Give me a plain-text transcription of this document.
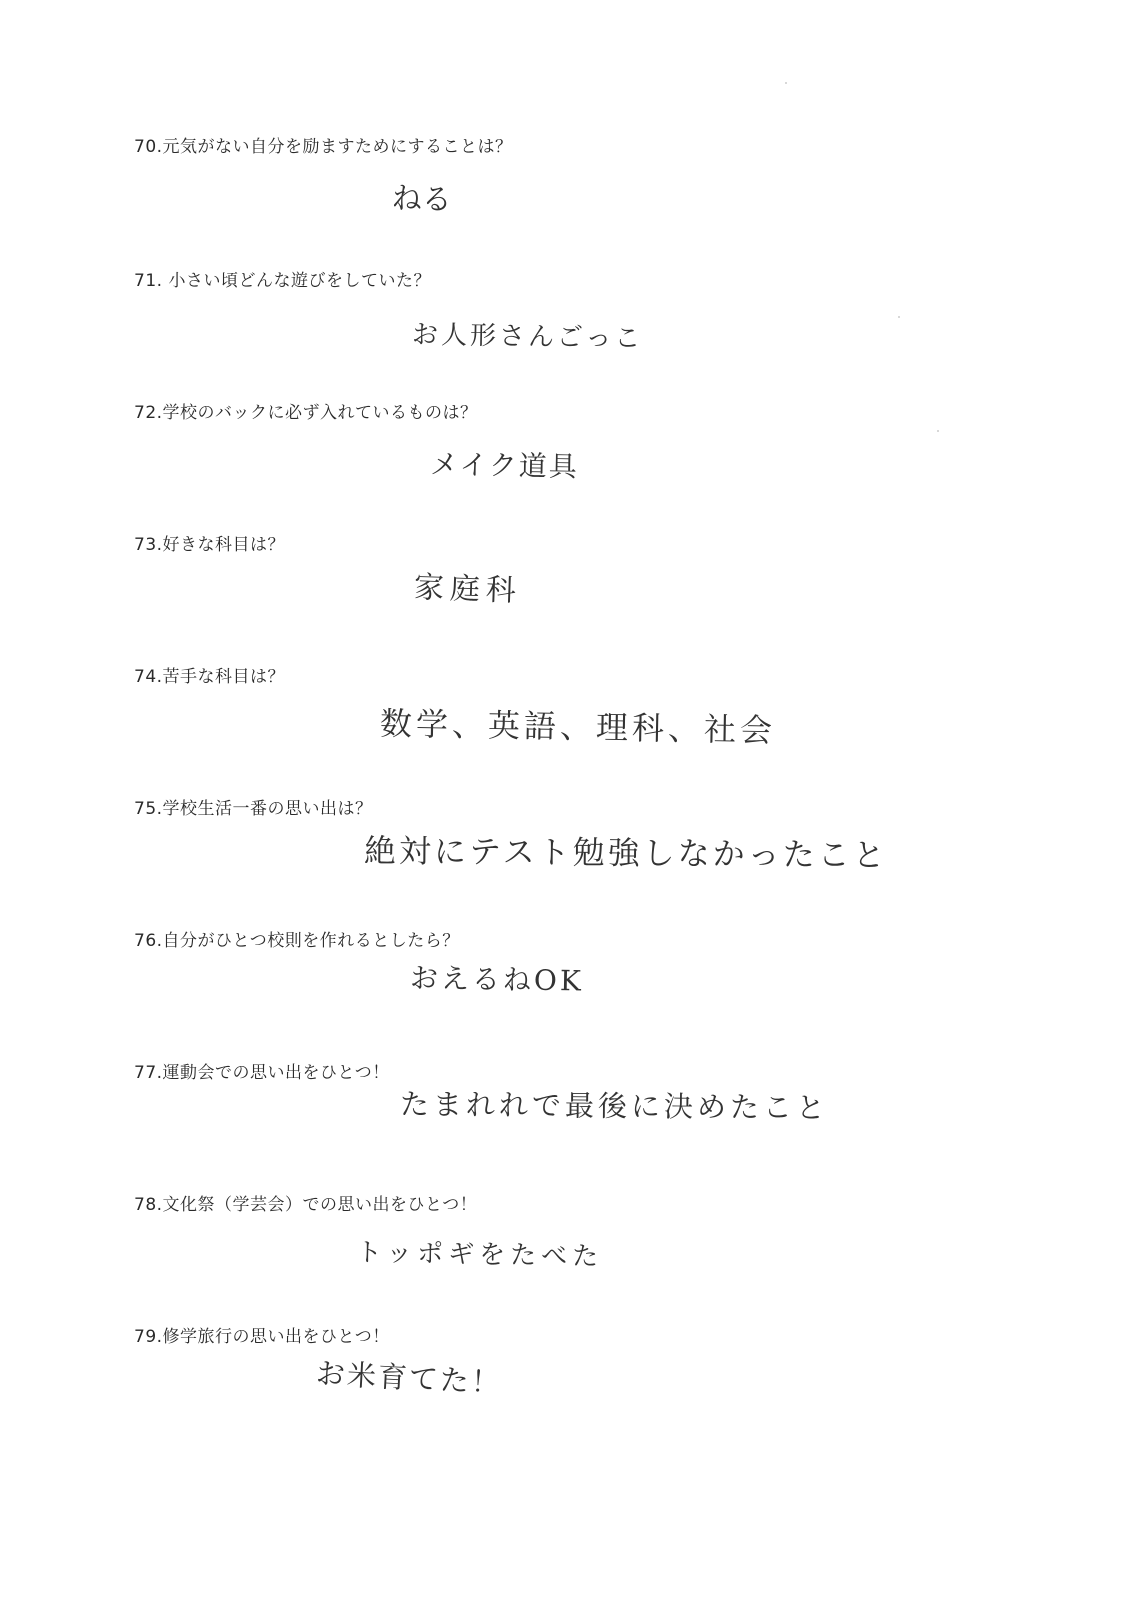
70.元気がない自分を励ますためにすることは？
ねる
71. 小さい頃どんな遊びをしていた？
お人形さんごっこ
72.学校のバックに必ず入れているものは？
メイク道具
73.好きな科目は？
家庭科
74.苦手な科目は？
数学、英語、理科、社会
75.学校生活一番の思い出は？
絶対にテスト勉強しなかったこと
76.自分がひとつ校則を作れるとしたら？
おえるねOK
77.運動会での思い出をひとつ！
たまれれで最後に決めたこと
78.文化祭（学芸会）での思い出をひとつ！
トッポギをたべた
79.修学旅行の思い出をひとつ！
お米育てた！
